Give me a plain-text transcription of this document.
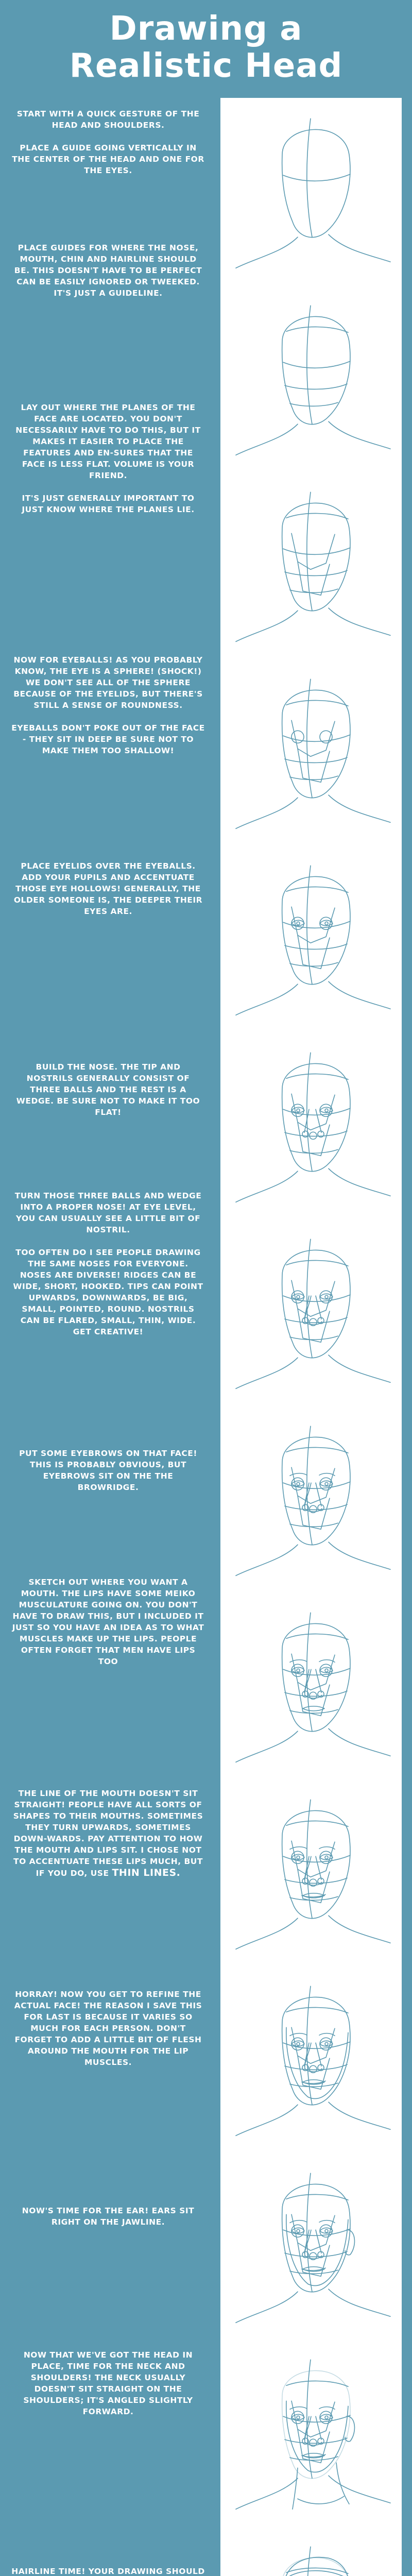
Drawing a
Realistic Head

START WITH A QUICK GESTURE OF THE HEAD AND SHOULDERS.

PLACE A GUIDE GOING VERTICALLY IN THE CENTER OF THE HEAD AND ONE FOR THE EYES.

PLACE GUIDES FOR WHERE THE NOSE, MOUTH, CHIN AND HAIRLINE SHOULD BE. THIS DOESN'T HAVE TO BE PERFECT CAN BE EASILY IGNORED OR TWEEKED. IT'S JUST A GUIDELINE.

LAY OUT WHERE THE PLANES OF THE FACE ARE LOCATED. YOU DON'T NECESSARILY HAVE TO DO THIS, BUT IT MAKES IT EASIER TO PLACE THE FEATURES AND EN-SURES THAT THE FACE IS LESS FLAT. VOLUME IS YOUR FRIEND.

IT'S JUST GENERALLY IMPORTANT TO JUST KNOW WHERE THE PLANES LIE.

NOW FOR EYEBALLS! AS YOU PROBABLY KNOW, THE EYE IS A SPHERE! (SHOCK!) WE DON'T SEE ALL OF THE SPHERE BECAUSE OF THE EYELIDS, BUT THERE'S STILL A SENSE OF ROUNDNESS.

EYEBALLS DON'T POKE OUT OF THE FACE - THEY SIT IN DEEP BE SURE NOT TO MAKE THEM TOO SHALLOW!

PLACE EYELIDS OVER THE EYEBALLS. ADD YOUR PUPILS AND ACCENTUATE THOSE EYE HOLLOWS! GENERALLY, THE OLDER SOMEONE IS, THE DEEPER THEIR EYES ARE.

BUILD THE NOSE. THE TIP AND NOSTRILS GENERALLY CONSIST OF THREE BALLS AND THE REST IS A WEDGE. BE SURE NOT TO MAKE IT TOO FLAT!

TURN THOSE THREE BALLS AND WEDGE INTO A PROPER NOSE! AT EYE LEVEL, YOU CAN USUALLY SEE A LITTLE BIT OF NOSTRIL.

TOO OFTEN DO I SEE PEOPLE DRAWING THE SAME NOSES FOR EVERYONE. NOSES ARE DIVERSE! RIDGES CAN BE WIDE, SHORT, HOOKED. TIPS CAN POINT UPWARDS, DOWNWARDS, BE BIG, SMALL, POINTED, ROUND. NOSTRILS CAN BE FLARED, SMALL, THIN, WIDE. GET CREATIVE!

PUT SOME EYEBROWS ON THAT FACE! THIS IS PROBABLY OBVIOUS, BUT EYEBROWS SIT ON THE THE BROWRIDGE.

SKETCH OUT WHERE YOU WANT A MOUTH. THE LIPS HAVE SOME MEIKO MUSCULATURE GOING ON. YOU DON'T HAVE TO DRAW THIS, BUT I INCLUDED IT JUST SO YOU HAVE AN IDEA AS TO WHAT MUSCLES MAKE UP THE LIPS. PEOPLE OFTEN FORGET THAT MEN HAVE LIPS TOO

THE LINE OF THE MOUTH DOESN'T SIT STRAIGHT! PEOPLE HAVE ALL SORTS OF SHAPES TO THEIR MOUTHS. SOMETIMES THEY TURN UPWARDS, SOMETIMES DOWN-WARDS. PAY ATTENTION TO HOW THE MOUTH AND LIPS SIT. I CHOSE NOT TO ACCENTUATE THESE LIPS MUCH, BUT IF YOU DO, USE THIN LINES.

HORRAY! NOW YOU GET TO REFINE THE ACTUAL FACE! THE REASON I SAVE THIS FOR LAST IS BECAUSE IT VARIES SO MUCH FOR EACH PERSON. DON'T FORGET TO ADD A LITTLE BIT OF FLESH AROUND THE MOUTH FOR THE LIP MUSCLES.

NOW'S TIME FOR THE EAR! EARS SIT RIGHT ON THE JAWLINE.

NOW THAT WE'VE GOT THE HEAD IN PLACE, TIME FOR THE NECK AND SHOULDERS! THE NECK USUALLY DOESN'T SIT STRAIGHT ON THE SHOULDERS; IT'S ANGLED SLIGHTLY FORWARD.

HAIRLINE TIME! YOUR DRAWING SHOULD
